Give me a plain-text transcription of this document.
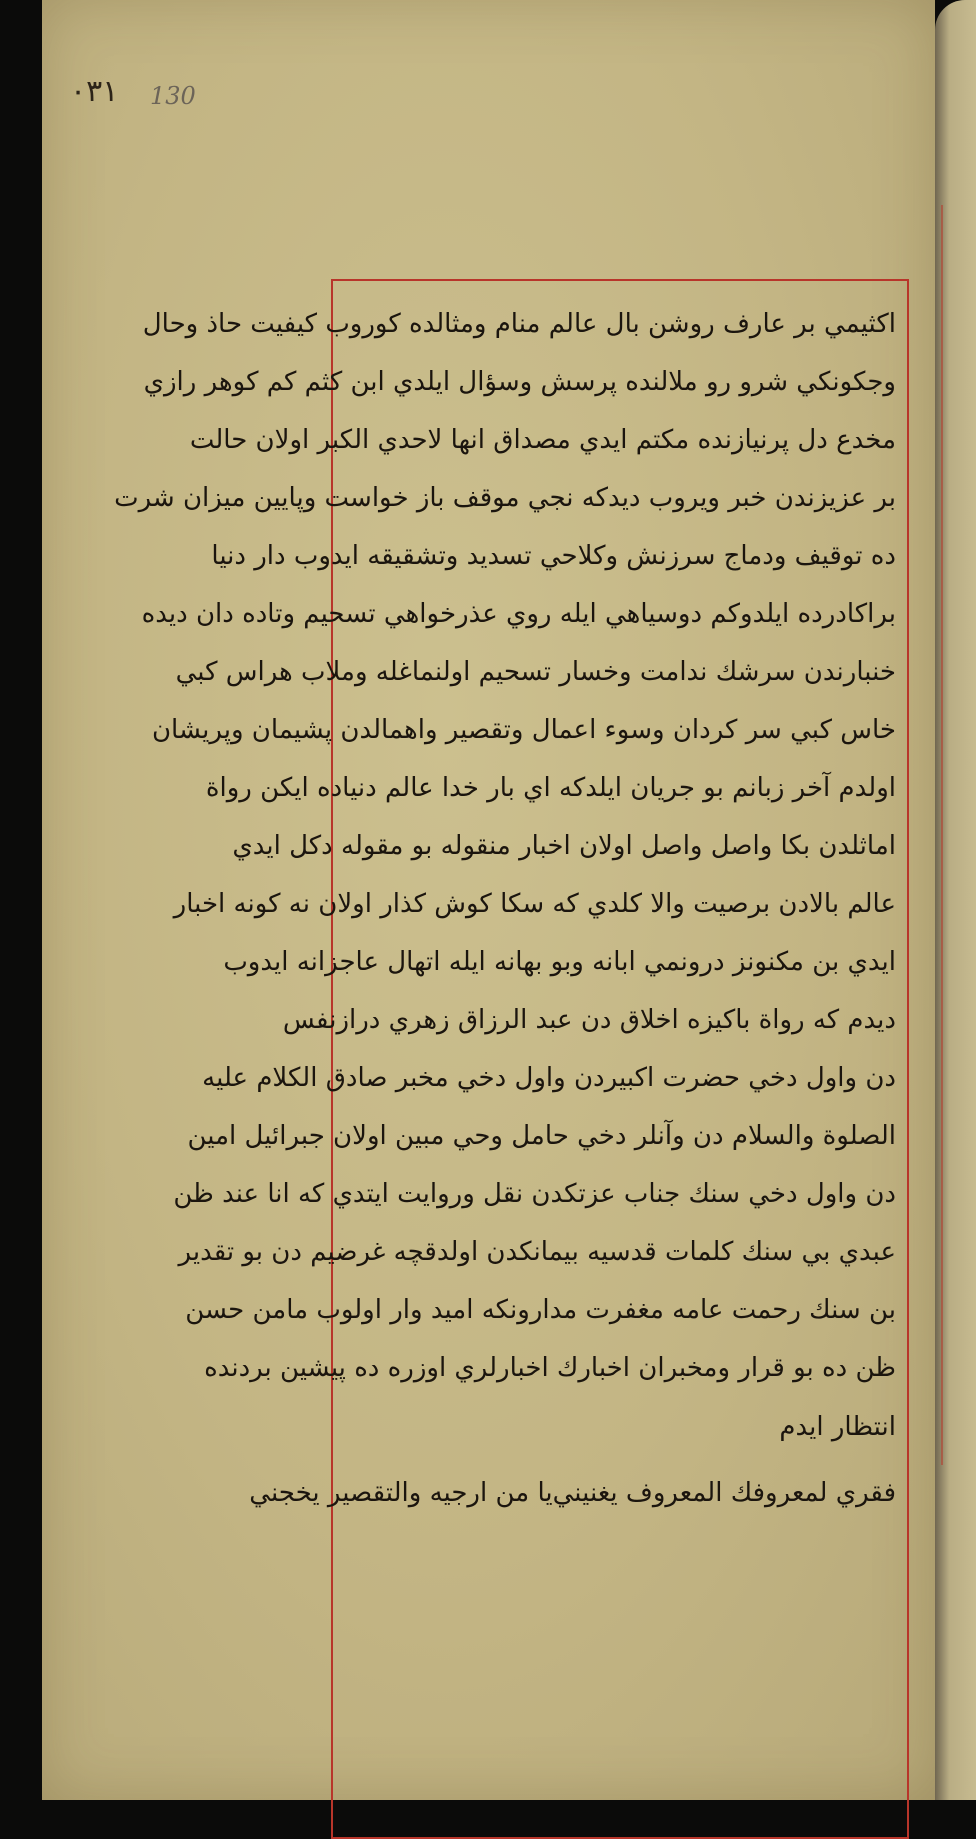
١٣٠ 130
اكثيمي بر عارف روشن بال عالم منام ومثالده كوروب كيفيت حاذ وحال
وجكونكي شرو رو ملالنده پرسش وسؤال ايلدي ابن كثم كم كوهر رازي
مخدع دل پرنيازنده مكتم ايدي مصداق انها لاحدي الكبر اولان حالت
بر عزيزندن خبر ويروب ديدكه نجي موقف باز خواست وپايين ميزان شرت
ده توقيف ودماج سرزنش وكلاحي تسديد وتشقيقه ايدوب دار دنيا
براكادرده ايلدوكم دوسياهي ايله روي عذرخواهي تسحيم وتاده دان ديده
خنبارندن سرشك ندامت وخسار تسحيم اولنماغله وملاب هراس كبي
خاس كبي سر كردان وسوء اعمال وتقصير واهمالدن پشيمان وپريشان
اولدم آخر زبانم بو جريان ايلدكه اي بار خدا عالم دنياده ايكن رواة
اماثلدن بكا واصل واصل اولان اخبار منقوله بو مقوله دكل ايدي
عالم بالادن برصيت والا كلدي كه سكا كوش كذار اولان نه كونه اخبار
ايدي بن مكنونز درونمي ابانه وبو بهانه ايله اتهال عاجزانه ايدوب
ديدم كه رواة باكيزه اخلاق دن عبد الرزاق زهري درازنفس
دن واول دخي حضرت اكبيردن واول دخي مخبر صادق الكلام عليه
الصلوة والسلام دن وآنلر دخي حامل وحي مبين اولان جبرائيل امين
دن واول دخي سنك جناب عزتكدن نقل وروايت ايتدي كه انا عند ظن
عبدي بي سنك كلمات قدسيه بيمانكدن اولدقچه غرضيم دن بو تقدير
بن سنك رحمت عامه مغفرت مدارونكه اميد وار اولوب مامن حسن
ظن ده بو قرار ومخبران اخبارك اخبارلري اوزره ده پيشين بردنده
انتظار ايدم
فقري لمعروفك المعروف يغنيني
يا من ارجيه والتقصير يخجني
